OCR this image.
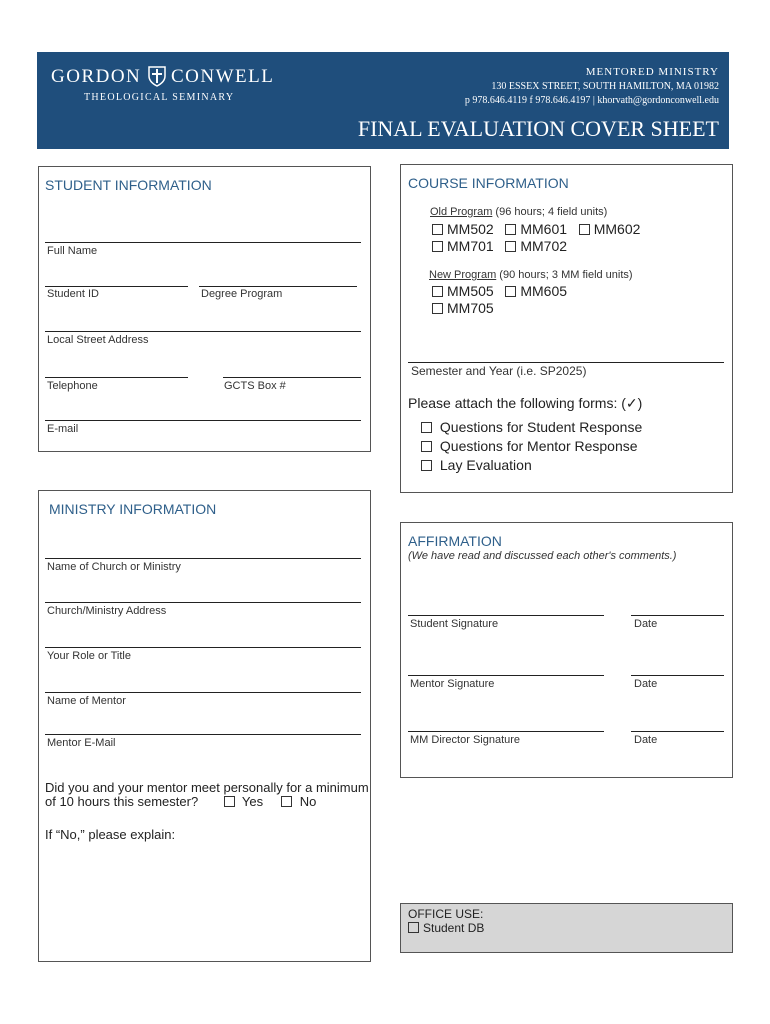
GORDON CONWELL
THEOLOGICAL SEMINARY
MENTORED MINISTRY
130 ESSEX STREET, SOUTH HAMILTON, MA 01982
p 978.646.4119 f 978.646.4197 | khorvath@gordonconwell.edu
FINAL EVALUATION COVER SHEET
STUDENT INFORMATION
Full Name
Student ID	Degree Program
Local Street Address
Telephone	GCTS Box #
E-mail
COURSE INFORMATION
Old Program (96 hours; 4 field units)
MM502 MM601 MM602
MM701 MM702
New Program (90 hours; 3 MM field units)
MM505 MM605
MM705
Semester and Year (i.e. SP2025)
Please attach the following forms: (✓)
Questions for Student Response
Questions for Mentor Response
Lay Evaluation
MINISTRY INFORMATION
Name of Church or Ministry
Church/Ministry Address
Your Role or Title
Name of Mentor
Mentor E-Mail
Did you and your mentor meet personally for a minimum
of 10 hours this semester?	Yes	No
If “No,” please explain:
AFFIRMATION
(We have read and discussed each other's comments.)
Student Signature	Date
Mentor Signature	Date
MM Director Signature	Date
OFFICE USE:
Student DB
